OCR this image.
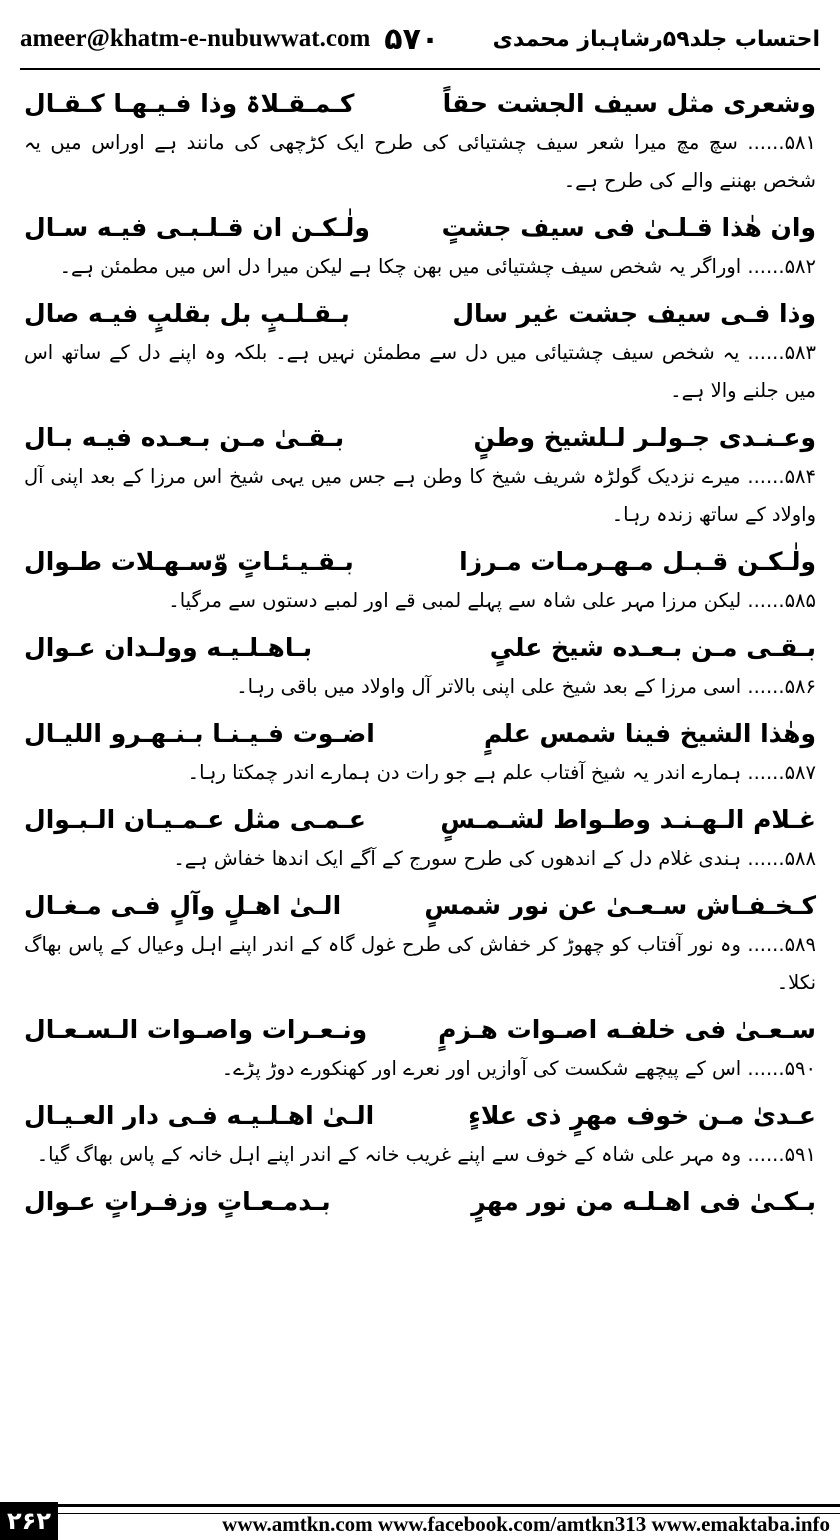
ameer@khatm-e-nubuwwat.com ۵۷۰ احتساب جلد۵۹رشاہباز محمدی
وشعری مثل سیف الجشت حقاً
کـمـقـلاۃ وذا فـیـھـا کـقـال
۵۸۱...... سچ مچ میرا شعر سیف چشتیائی کی طرح ایک کڑچھی کی مانند ہے اوراس میں یہ شخص بھننے والے کی طرح ہے۔
وان ھٰذا قـلـیٰ فی سیف جشتٍ
ولٰـکـن ان قـلـبـی فیـه سـال
۵۸۲...... اوراگر یہ شخص سیف چشتیائی میں بھن چکا ہے لیکن میرا دل اس میں مطمئن ہے۔
وذا فـی سیف جشت غیر سال
بـقـلـبٍ بل بقلبٍ فیـه صال
۵۸۳...... یہ شخص سیف چشتیائی میں دل سے مطمئن نہیں ہے۔ بلکہ وہ اپنے دل کے ساتھ اس میں جلنے والا ہے۔
وعـنـدی جـولـر لـلشیخ وطنٍ
بـقـیٰ مـن بـعـده فیـه بـال
۵۸۴...... میرے نزدیک گولڑہ شریف شیخ کا وطن ہے جس میں یہی شیخ اس مرزا کے بعد اپنی آل واولاد کے ساتھ زندہ رہا۔
ولٰـکـن قـبـل مـھـرمـات مـرزا
بـقـیـئـاتٍ وّسـھـلات طـوال
۵۸۵...... لیکن مرزا مہر علی شاہ سے پہلے لمبی قے اور لمبے دستوں سے مرگیا۔
بـقـی مـن بـعـده شیخ علیٍ
بـاھـلـیـه وولـدان عـوال
۵۸۶...... اسی مرزا کے بعد شیخ علی اپنی بالاتر آل واولاد میں باقی رہا۔
وھٰذا الشیخ فینا شمس علمٍ
اضـوت فـیـنـا بـنـھـرو اللیـال
۵۸۷...... ہمارے اندر یہ شیخ آفتاب علم ہے جو رات دن ہمارے اندر چمکتا رہا۔
غـلام الـھـنـد وطـواط لشـمـسٍ
عـمـی مثل عـمـیـان الـبـوال
۵۸۸...... ہندی غلام دل کے اندھوں کی طرح سورج کے آگے ایک اندھا خفاش ہے۔
کـخـفـاش سـعـیٰ عن نور شمسٍ
الـیٰ اھـلٍ وآلٍ فـی مـغـال
۵۸۹...... وہ نور آفتاب کو چھوڑ کر خفاش کی طرح غول گاہ کے اندر اپنے اہل وعیال کے پاس بھاگ نکلا۔
سـعـیٰ فی خلفـه اصـوات ھـزمٍ
ونـعـرات واصـوات الـسـعـال
۵۹۰...... اس کے پیچھے شکست کی آوازیں اور نعرے اور کھنکورے دوڑ پڑے۔
عـدیٰ مـن خوف مھرٍ ذی علاءٍ
الـیٰ اھـلـیـه فـی دار العـیـال
۵۹۱...... وہ مہر علی شاہ کے خوف سے اپنے غریب خانہ کے اندر اپنے اہل خانہ کے پاس بھاگ گیا۔
بـکـیٰ فی اھـلـه من نور مھرٍ
بـدمـعـاتٍ وزفـراتٍ عـوال
۲۶۲	www.amtkn.com www.facebook.com/amtkn313 www.emaktaba.info
